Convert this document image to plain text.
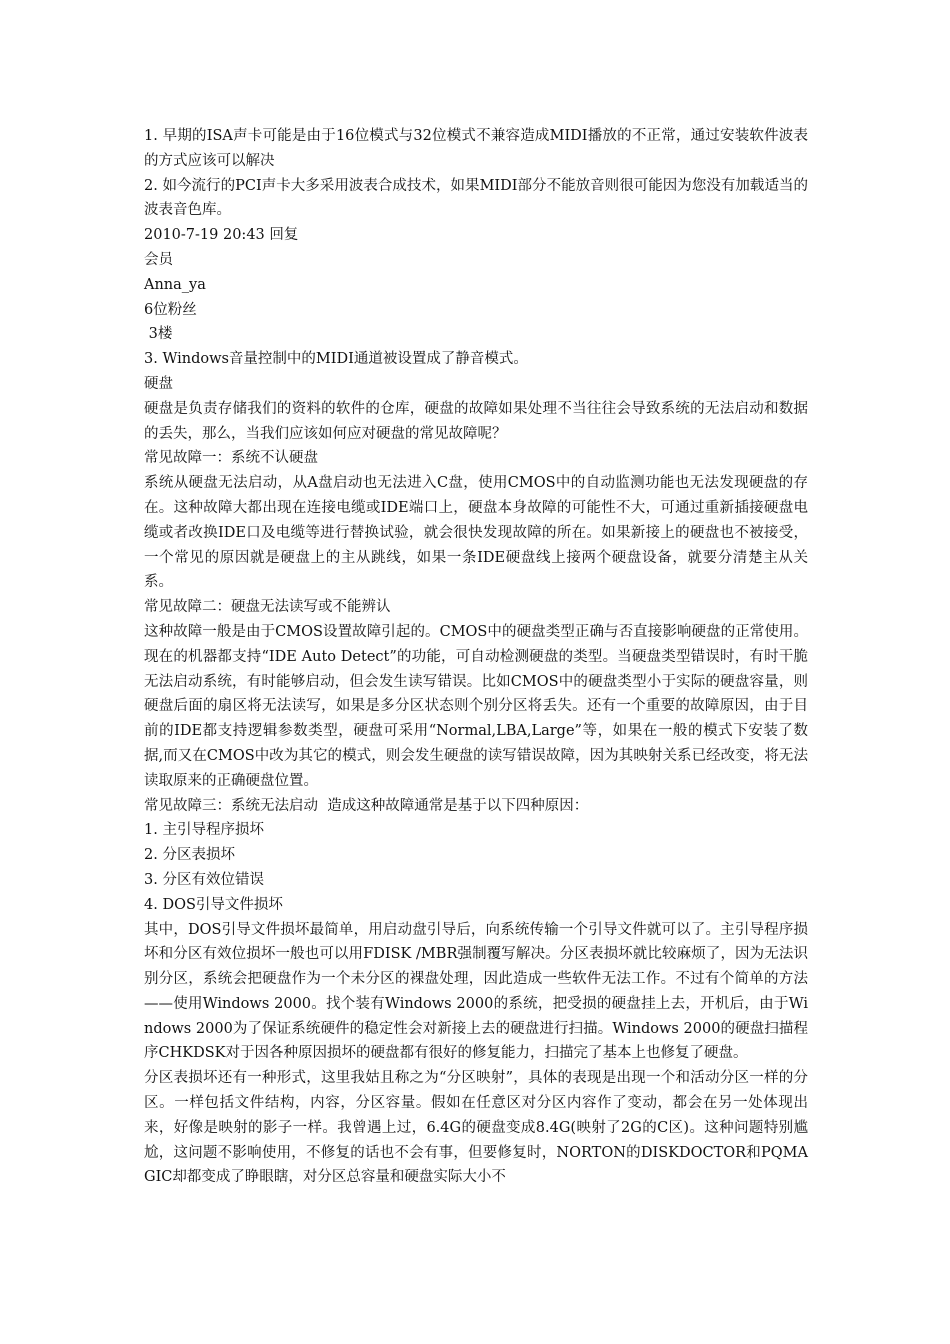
1. 早期的ISA声卡可能是由于16位模式与32位模式不兼容造成MIDI播放的不正常，通过安装软件波表的方式应该可以解决

2. 如今流行的PCI声卡大多采用波表合成技术，如果MIDI部分不能放音则很可能因为您没有加载适当的波表音色库。

2010-7-19 20:43 回复

会员

Anna_ya

6位粉丝

3楼

3. Windows音量控制中的MIDI通道被设置成了静音模式。

硬盘

硬盘是负责存储我们的资料的软件的仓库，硬盘的故障如果处理不当往往会导致系统的无法启动和数据的丢失，那么，当我们应该如何应对硬盘的常见故障呢？

常见故障一：系统不认硬盘

系统从硬盘无法启动，从A盘启动也无法进入C盘，使用CMOS中的自动监测功能也无法发现硬盘的存在。这种故障大都出现在连接电缆或IDE端口上，硬盘本身故障的可能性不大，可通过重新插接硬盘电缆或者改换IDE口及电缆等进行替换试验，就会很快发现故障的所在。如果新接上的硬盘也不被接受，一个常见的原因就是硬盘上的主从跳线，如果一条IDE硬盘线上接两个硬盘设备，就要分清楚主从关系。

常见故障二：硬盘无法读写或不能辨认

这种故障一般是由于CMOS设置故障引起的。CMOS中的硬盘类型正确与否直接影响硬盘的正常使用。现在的机器都支持“IDE Auto Detect”的功能，可自动检测硬盘的类型。当硬盘类型错误时，有时干脆无法启动系统，有时能够启动，但会发生读写错误。比如CMOS中的硬盘类型小于实际的硬盘容量，则硬盘后面的扇区将无法读写，如果是多分区状态则个别分区将丢失。还有一个重要的故障原因，由于目前的IDE都支持逻辑参数类型，硬盘可采用“Normal,LBA,Large”等，如果在一般的模式下安装了数据,而又在CMOS中改为其它的模式，则会发生硬盘的读写错误故障，因为其映射关系已经改变，将无法读取原来的正确硬盘位置。

常见故障三：系统无法启动  造成这种故障通常是基于以下四种原因：

1. 主引导程序损坏

2. 分区表损坏

3. 分区有效位错误

4. DOS引导文件损坏

其中，DOS引导文件损坏最简单，用启动盘引导后，向系统传输一个引导文件就可以了。主引导程序损坏和分区有效位损坏一般也可以用FDISK /MBR强制覆写解决。分区表损坏就比较麻烦了，因为无法识别分区，系统会把硬盘作为一个未分区的裸盘处理，因此造成一些软件无法工作。不过有个简单的方法——使用Windows 2000。找个装有Windows 2000的系统，把受损的硬盘挂上去，开机后，由于Windows 2000为了保证系统硬件的稳定性会对新接上去的硬盘进行扫描。Windows 2000的硬盘扫描程序CHKDSK对于因各种原因损坏的硬盘都有很好的修复能力，扫描完了基本上也修复了硬盘。

分区表损坏还有一种形式，这里我姑且称之为“分区映射”，具体的表现是出现一个和活动分区一样的分区。一样包括文件结构，内容，分区容量。假如在任意区对分区内容作了变动，都会在另一处体现出来，好像是映射的影子一样。我曾遇上过，6.4G的硬盘变成8.4G(映射了2G的C区)。这种问题特别尴尬，这问题不影响使用，不修复的话也不会有事，但要修复时，NORTON的DISKDOCTOR和PQMAGIC却都变成了睁眼瞎，对分区总容量和硬盘实际大小不
